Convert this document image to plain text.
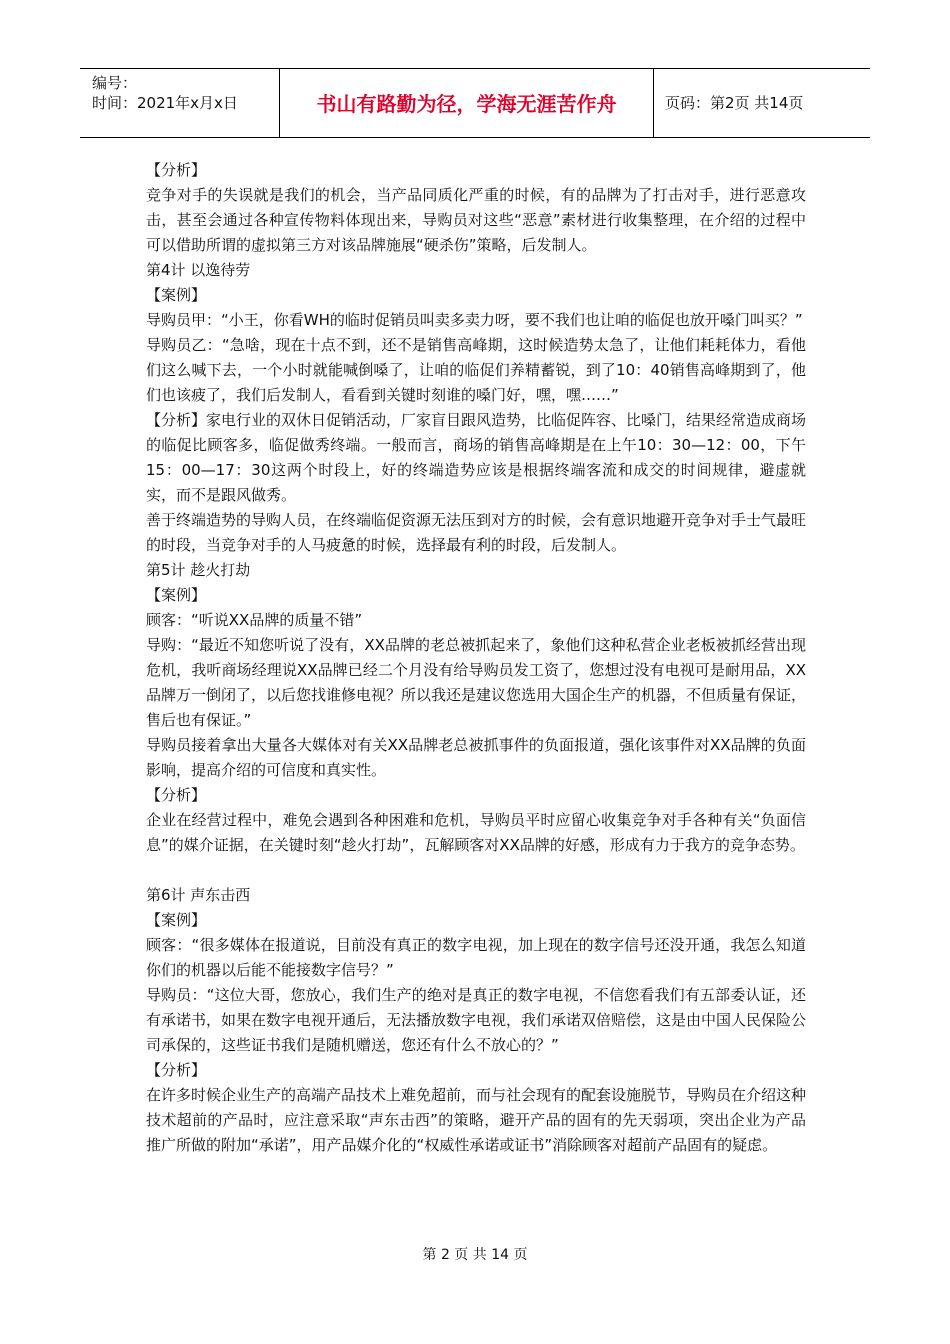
编号：
时间：2021年x月x日	书山有路勤为径，学海无涯苦作舟	页码：第2页 共14页

【分析】

竞争对手的失误就是我们的机会，当产品同质化严重的时候，有的品牌为了打击对手，进行恶意攻击，甚至会通过各种宣传物料体现出来，导购员对这些“恶意”素材进行收集整理，在介绍的过程中可以借助所谓的虚拟第三方对该品牌施展“硬杀伤”策略，后发制人。

第4计 以逸待劳

【案例】

导购员甲：“小王，你看WH的临时促销员叫卖多卖力呀，要不我们也让咱的临促也放开嗓门叫买？”

导购员乙：“急啥，现在十点不到，还不是销售高峰期，这时候造势太急了，让他们耗耗体力，看他们这么喊下去，一个小时就能喊倒嗓了，让咱的临促们养精蓄锐，到了10：40销售高峰期到了，他们也该疲了，我们后发制人，看看到关键时刻谁的嗓门好，嘿，嘿……”

【分析】家电行业的双休日促销活动，厂家盲目跟风造势，比临促阵容、比嗓门，结果经常造成商场的临促比顾客多，临促做秀终端。一般而言，商场的销售高峰期是在上午10：30—12：00，下午15：00—17：30这两个时段上，好的终端造势应该是根据终端客流和成交的时间规律，避虚就实，而不是跟风做秀。

善于终端造势的导购人员，在终端临促资源无法压到对方的时候，会有意识地避开竞争对手士气最旺的时段，当竞争对手的人马疲惫的时候，选择最有利的时段，后发制人。

第5计 趁火打劫

【案例】

顾客：“听说XX品牌的质量不错”

导购：“最近不知您听说了没有，XX品牌的老总被抓起来了，象他们这种私营企业老板被抓经营出现危机，我听商场经理说XX品牌已经二个月没有给导购员发工资了，您想过没有电视可是耐用品，XX品牌万一倒闭了，以后您找谁修电视？所以我还是建议您选用大国企生产的机器，不但质量有保证，售后也有保证。”

导购员接着拿出大量各大媒体对有关XX品牌老总被抓事件的负面报道，强化该事件对XX品牌的负面影响，提高介绍的可信度和真实性。

【分析】

企业在经营过程中，难免会遇到各种困难和危机，导购员平时应留心收集竞争对手各种有关“负面信息”的媒介证据，在关键时刻“趁火打劫”，瓦解顾客对XX品牌的好感，形成有力于我方的竞争态势。

第6计 声东击西

【案例】

顾客：“很多媒体在报道说，目前没有真正的数字电视，加上现在的数字信号还没开通，我怎么知道你们的机器以后能不能接数字信号？”

导购员：“这位大哥，您放心，我们生产的绝对是真正的数字电视，不信您看我们有五部委认证，还有承诺书，如果在数字电视开通后，无法播放数字电视，我们承诺双倍赔偿，这是由中国人民保险公司承保的，这些证书我们是随机赠送，您还有什么不放心的？”

【分析】

在许多时候企业生产的高端产品技术上难免超前，而与社会现有的配套设施脱节，导购员在介绍这种技术超前的产品时，应注意采取“声东击西”的策略，避开产品的固有的先天弱项，突出企业为产品推广所做的附加“承诺”，用产品媒介化的“权威性承诺或证书”消除顾客对超前产品固有的疑虑。

第 2 页 共 14 页
